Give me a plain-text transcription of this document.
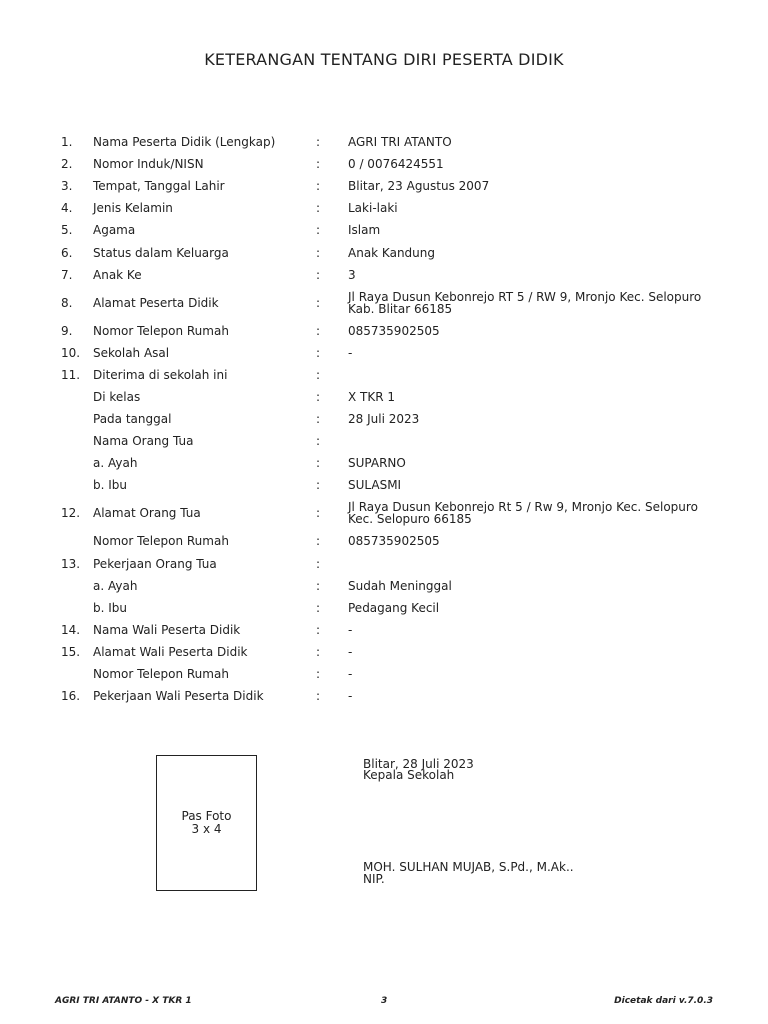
KETERANGAN TENTANG DIRI PESERTA DIDIK
1. Nama Peserta Didik (Lengkap)	: AGRI TRI ATANTO
2. Nomor Induk/NISN	: 0 / 0076424551
3. Tempat, Tanggal Lahir	: Blitar, 23 Agustus 2007
4. Jenis Kelamin	: Laki-laki
5. Agama	: Islam
6. Status dalam Keluarga	: Anak Kandung
7. Anak Ke	: 3
8. Alamat Peserta Didik	: Jl Raya Dusun Kebonrejo RT 5 / RW 9, Mronjo Kec. Selopuro Kab. Blitar 66185
9. Nomor Telepon Rumah	: 085735902505
10. Sekolah Asal	: -
11. Diterima di sekolah ini	:
Di kelas	: X TKR 1
Pada tanggal	: 28 Juli 2023
Nama Orang Tua	:
a. Ayah	: SUPARNO
b. Ibu	: SULASMI
12. Alamat Orang Tua	: Jl Raya Dusun Kebonrejo Rt 5 / Rw 9, Mronjo Kec. Selopuro Kec. Selopuro 66185
Nomor Telepon Rumah	: 085735902505
13. Pekerjaan Orang Tua	:
a. Ayah	: Sudah Meninggal
b. Ibu	: Pedagang Kecil
14. Nama Wali Peserta Didik	: -
15. Alamat Wali Peserta Didik	: -
Nomor Telepon Rumah	: -
16. Pekerjaan Wali Peserta Didik	: -
Pas Foto
3 x 4
Blitar, 28 Juli 2023
Kepala Sekolah
MOH. SULHAN MUJAB, S.Pd., M.Ak..
NIP.
AGRI TRI ATANTO - X TKR 1	3	Dicetak dari v.7.0.3
